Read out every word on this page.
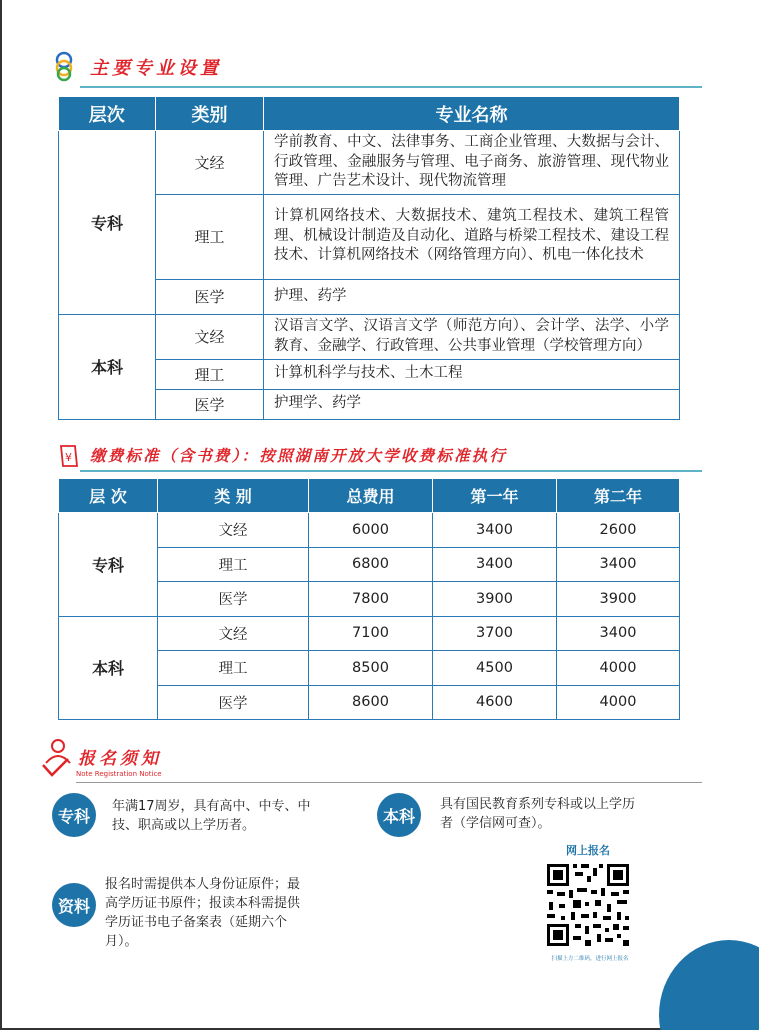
主要专业设置
层次	类别	专业名称
专科	文经	学前教育、中文、法律事务、工商企业管理、大数据与会计、行政管理、金融服务与管理、电子商务、旅游管理、现代物业管理、广告艺术设计、现代物流管理
	理工	计算机网络技术、大数据技术、建筑工程技术、建筑工程管理、机械设计制造及自动化、道路与桥梁工程技术、建设工程技术、计算机网络技术（网络管理方向）、机电一体化技术
	医学	护理、药学
本科	文经	汉语言文学、汉语言文学（师范方向）、会计学、法学、小学教育、金融学、行政管理、公共事业管理（学校管理方向）
	理工	计算机科学与技术、土木工程
	医学	护理学、药学
¥ 缴费标准（含书费）：按照湖南开放大学收费标准执行
层 次	类 别	总费用	第一年	第二年
专科	文经	6000	3400	2600
	理工	6800	3400	3400
	医学	7800	3900	3900
本科	文经	7100	3700	3400
	理工	8500	4500	4000
	医学	8600	4600	4000
报名须知
Note Registration Notice
专科	年满17周岁，具有高中、中专、中技、职高或以上学历者。	本科
具有国民教育系列专科或以上学历者（学信网可查）。
资料
报名时需提供本人身份证原件；最高学历证书原件；报读本科需提供学历证书电子备案表（延期六个月）。
网上报名
扫描上方二维码，进行网上报名
